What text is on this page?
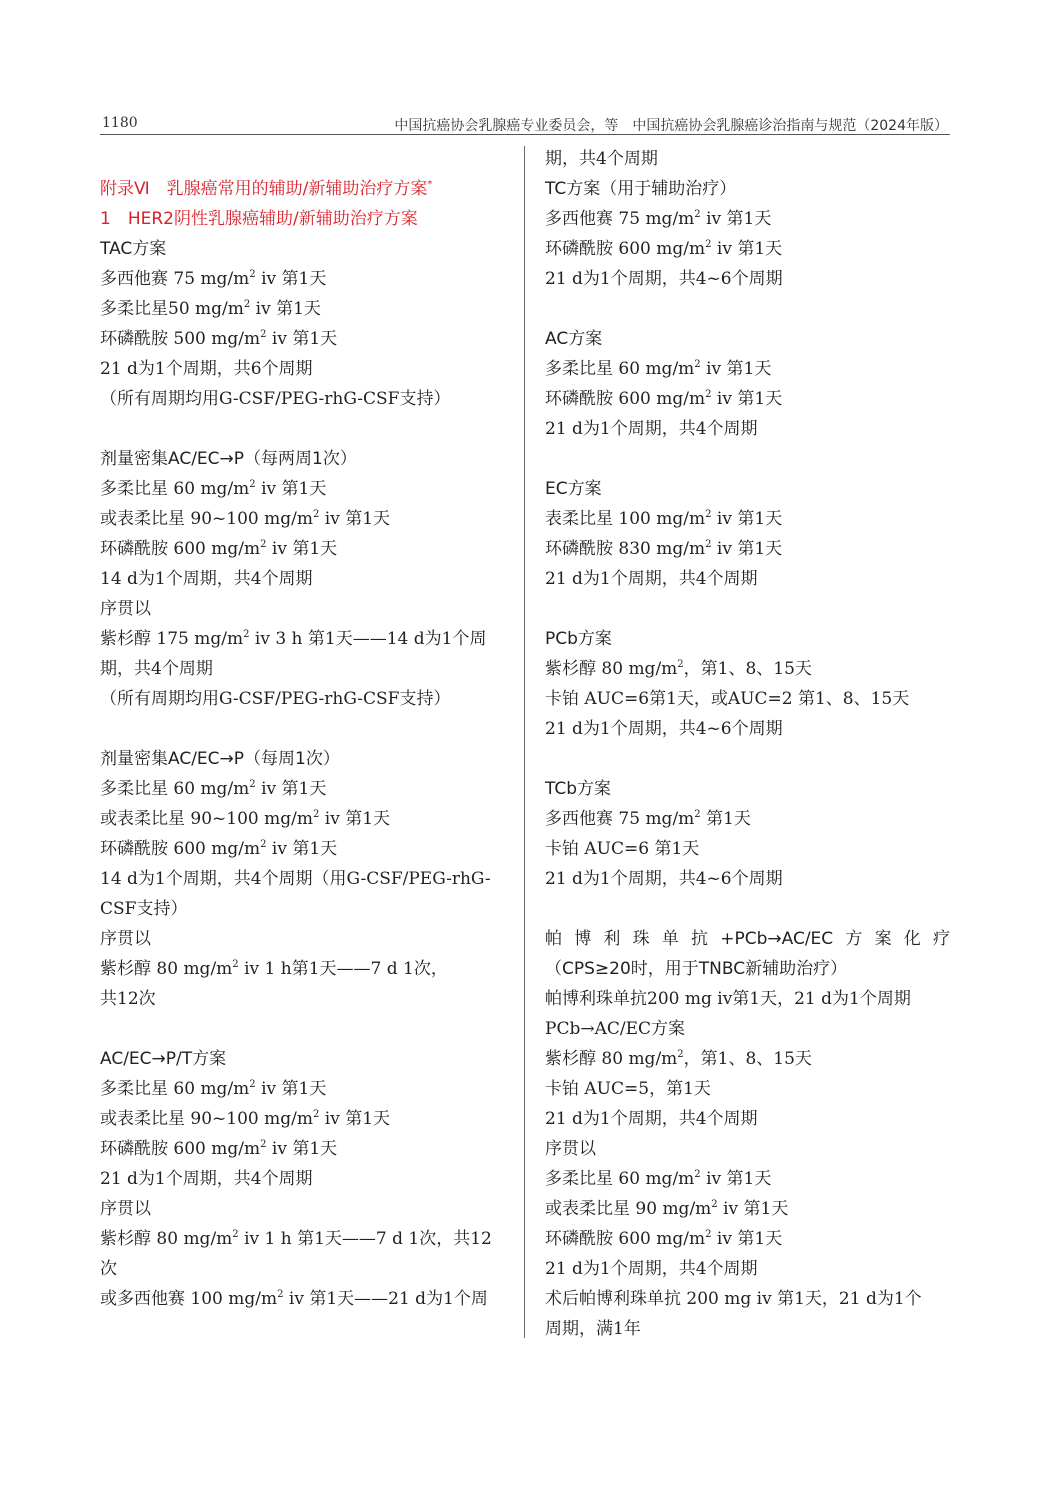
1180	中国抗癌协会乳腺癌专业委员会，等　中国抗癌协会乳腺癌诊治指南与规范（2024年版）

附录Ⅵ　乳腺癌常用的辅助/新辅助治疗方案*
1　HER2阴性乳腺癌辅助/新辅助治疗方案
TAC方案
多西他赛 75 $mg/m^2$ iv 第1天
多柔比星50 $mg/m^2$ iv 第1天
环磷酰胺 500 $mg/m^2$ iv 第1天
21 d为1个周期，共6个周期
（所有周期均用G-CSF/PEG-rhG-CSF支持）

剂量密集AC/EC→P（每两周1次）
多柔比星 60 $mg/m^2$ iv 第1天
或表柔比星 90~100 $mg/m^2$ iv 第1天
环磷酰胺 600 $mg/m^2$ iv 第1天
14 d为1个周期，共4个周期
序贯以
紫杉醇 175 $mg/m^2$ iv 3 h 第1天——14 d为1个周
期，共4个周期
（所有周期均用G-CSF/PEG-rhG-CSF支持）

剂量密集AC/EC→P（每周1次）
多柔比星 60 $mg/m^2$ iv 第1天
或表柔比星 90~100 $mg/m^2$ iv 第1天
环磷酰胺 600 $mg/m^2$ iv 第1天
14 d为1个周期，共4个周期（用G-CSF/PEG-rhG-
CSF支持）
序贯以
紫杉醇 80 $mg/m^2$ iv 1 h第1天——7 d 1次，
共12次

AC/EC→P/T方案
多柔比星 60 $mg/m^2$ iv 第1天
或表柔比星 90~100 $mg/m^2$ iv 第1天
环磷酰胺 600 $mg/m^2$ iv 第1天
21 d为1个周期，共4个周期
序贯以
紫杉醇 80 $mg/m^2$ iv 1 h 第1天——7 d 1次，共12
次
或多西他赛 100 $mg/m^2$ iv 第1天——21 d为1个周
期，共4个周期
TC方案（用于辅助治疗）
多西他赛 75 $mg/m^2$ iv 第1天
环磷酰胺 600 $mg/m^2$ iv 第1天
21 d为1个周期，共4~6个周期

AC方案
多柔比星 60 $mg/m^2$ iv 第1天
环磷酰胺 600 $mg/m^2$ iv 第1天
21 d为1个周期，共4个周期

EC方案
表柔比星 100 $mg/m^2$ iv 第1天
环磷酰胺 830 $mg/m^2$ iv 第1天
21 d为1个周期，共4个周期

PCb方案
紫杉醇 80 $mg/m^2$，第1、8、15天
卡铂 AUC=6第1天，或AUC=2 第1、8、15天
21 d为1个周期，共4~6个周期

TCb方案
多西他赛 75 $mg/m^2$ 第1天
卡铂 AUC=6 第1天
21 d为1个周期，共4~6个周期

帕博利珠单抗+PCb→AC/EC方案化疗
（CPS≥20时，用于TNBC新辅助治疗）
帕博利珠单抗200 mg iv第1天，21 d为1个周期
PCb→AC/EC方案
紫杉醇 80 $mg/m^2$，第1、8、15天
卡铂 AUC=5，第1天
21 d为1个周期，共4个周期
序贯以
多柔比星 60 $mg/m^2$ iv 第1天
或表柔比星 90 $mg/m^2$ iv 第1天
环磷酰胺 600 $mg/m^2$ iv 第1天
21 d为1个周期，共4个周期
术后帕博利珠单抗 200 mg iv 第1天，21 d为1个
周期，满1年
